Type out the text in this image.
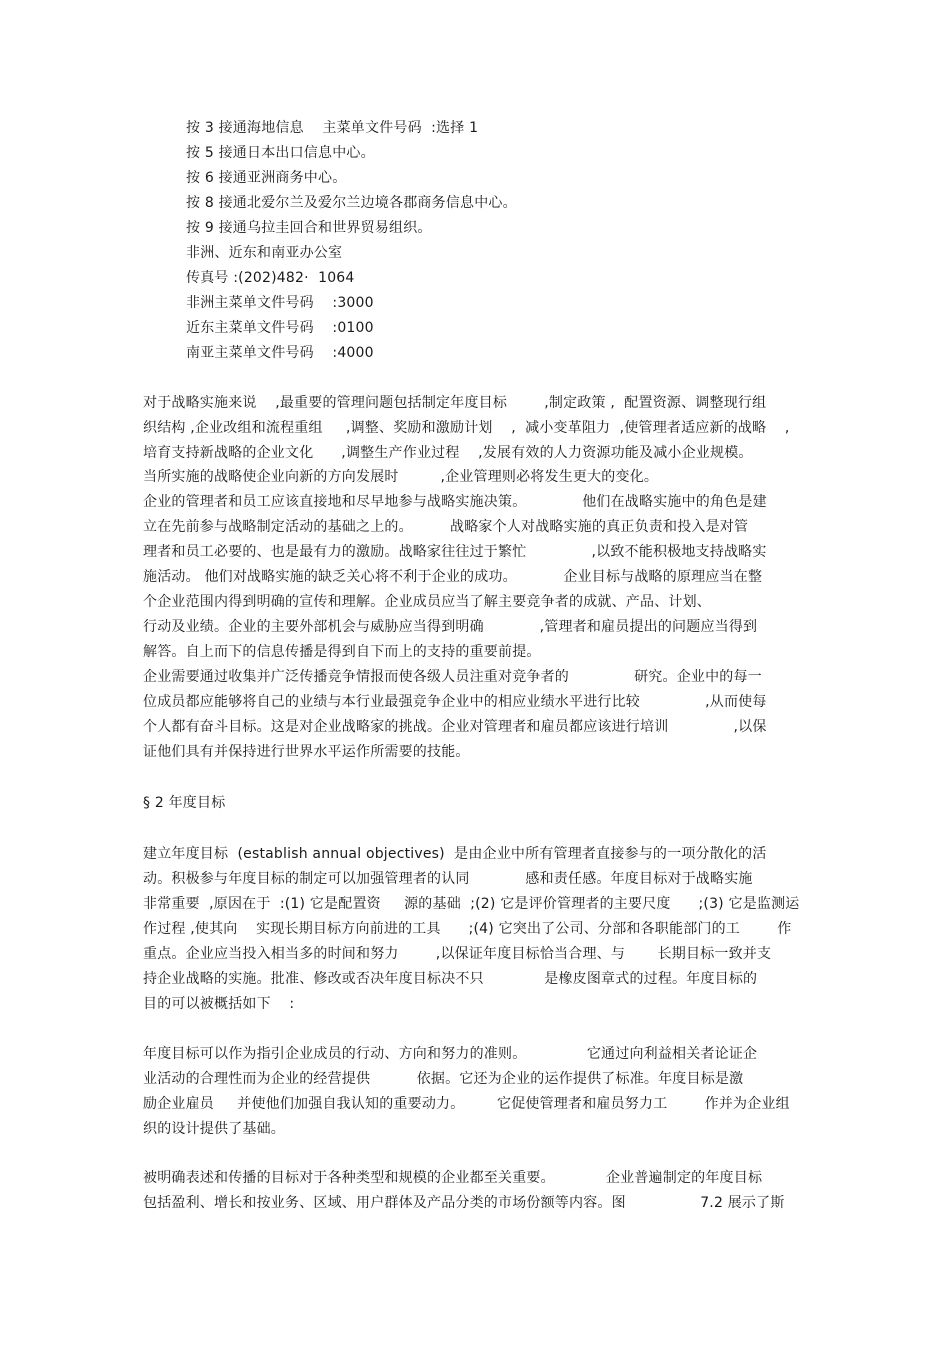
按 3 接通海地信息    主菜单文件号码  :选择 1
按 5 接通日本出口信息中心。
按 6 接通亚洲商务中心。
按 8 接通北爱尔兰及爱尔兰边境各郡商务信息中心。
按 9 接通乌拉圭回合和世界贸易组织。
非洲、近东和南亚办公室
传真号 :(202)482·  1064
非洲主菜单文件号码    :3000
近东主菜单文件号码    :0100
南亚主菜单文件号码    :4000
对于战略实施来说    ,最重要的管理问题包括制定年度目标        ,制定政策 ,  配置资源、调整现行组
织结构 ,企业改组和流程重组     ,调整、奖励和激励计划    ,  减小变革阻力  ,使管理者适应新的战略    ,
培育支持新战略的企业文化      ,调整生产作业过程    ,发展有效的人力资源功能及减小企业规模。
当所实施的战略使企业向新的方向发展时         ,企业管理则必将发生更大的变化。
企业的管理者和员工应该直接地和尽早地参与战略实施决策。            他们在战略实施中的角色是建
立在先前参与战略制定活动的基础之上的。        战略家个人对战略实施的真正负责和投入是对管
理者和员工必要的、也是最有力的激励。战略家往往过于繁忙              ,以致不能积极地支持战略实
施活动。 他们对战略实施的缺乏关心将不利于企业的成功。          企业目标与战略的原理应当在整
个企业范围内得到明确的宣传和理解。企业成员应当了解主要竞争者的成就、产品、计划、
行动及业绩。企业的主要外部机会与威胁应当得到明确            ,管理者和雇员提出的问题应当得到
解答。自上而下的信息传播是得到自下而上的支持的重要前提。
企业需要通过收集并广泛传播竞争情报而使各级人员注重对竞争者的              研究。企业中的每一
位成员都应能够将自己的业绩与本行业最强竞争企业中的相应业绩水平进行比较              ,从而使每
个人都有奋斗目标。这是对企业战略家的挑战。企业对管理者和雇员都应该进行培训              ,以保
证他们具有并保持进行世界水平运作所需要的技能。
§ 2 年度目标
建立年度目标  (establish annual objectives)  是由企业中所有管理者直接参与的一项分散化的活
动。积极参与年度目标的制定可以加强管理者的认同            感和责任感。年度目标对于战略实施
非常重要  ,原因在于  :(1) 它是配置资     源的基础  ;(2) 它是评价管理者的主要尺度      ;(3) 它是监测运
作过程 ,使其向    实现长期目标方向前进的工具      ;(4) 它突出了公司、分部和各职能部门的工        作
重点。企业应当投入相当多的时间和努力        ,以保证年度目标恰当合理、与       长期目标一致并支
持企业战略的实施。批准、修改或否决年度目标决不只             是橡皮图章式的过程。年度目标的
目的可以被概括如下    :
年度目标可以作为指引企业成员的行动、方向和努力的准则。             它通过向利益相关者论证企
业活动的合理性而为企业的经营提供          依据。它还为企业的运作提供了标准。年度目标是激
励企业雇员     并使他们加强自我认知的重要动力。       它促使管理者和雇员努力工        作并为企业组
织的设计提供了基础。
被明确表述和传播的目标对于各种类型和规模的企业都至关重要。           企业普遍制定的年度目标
包括盈利、增长和按业务、区域、用户群体及产品分类的市场份额等内容。图                7.2 展示了斯
